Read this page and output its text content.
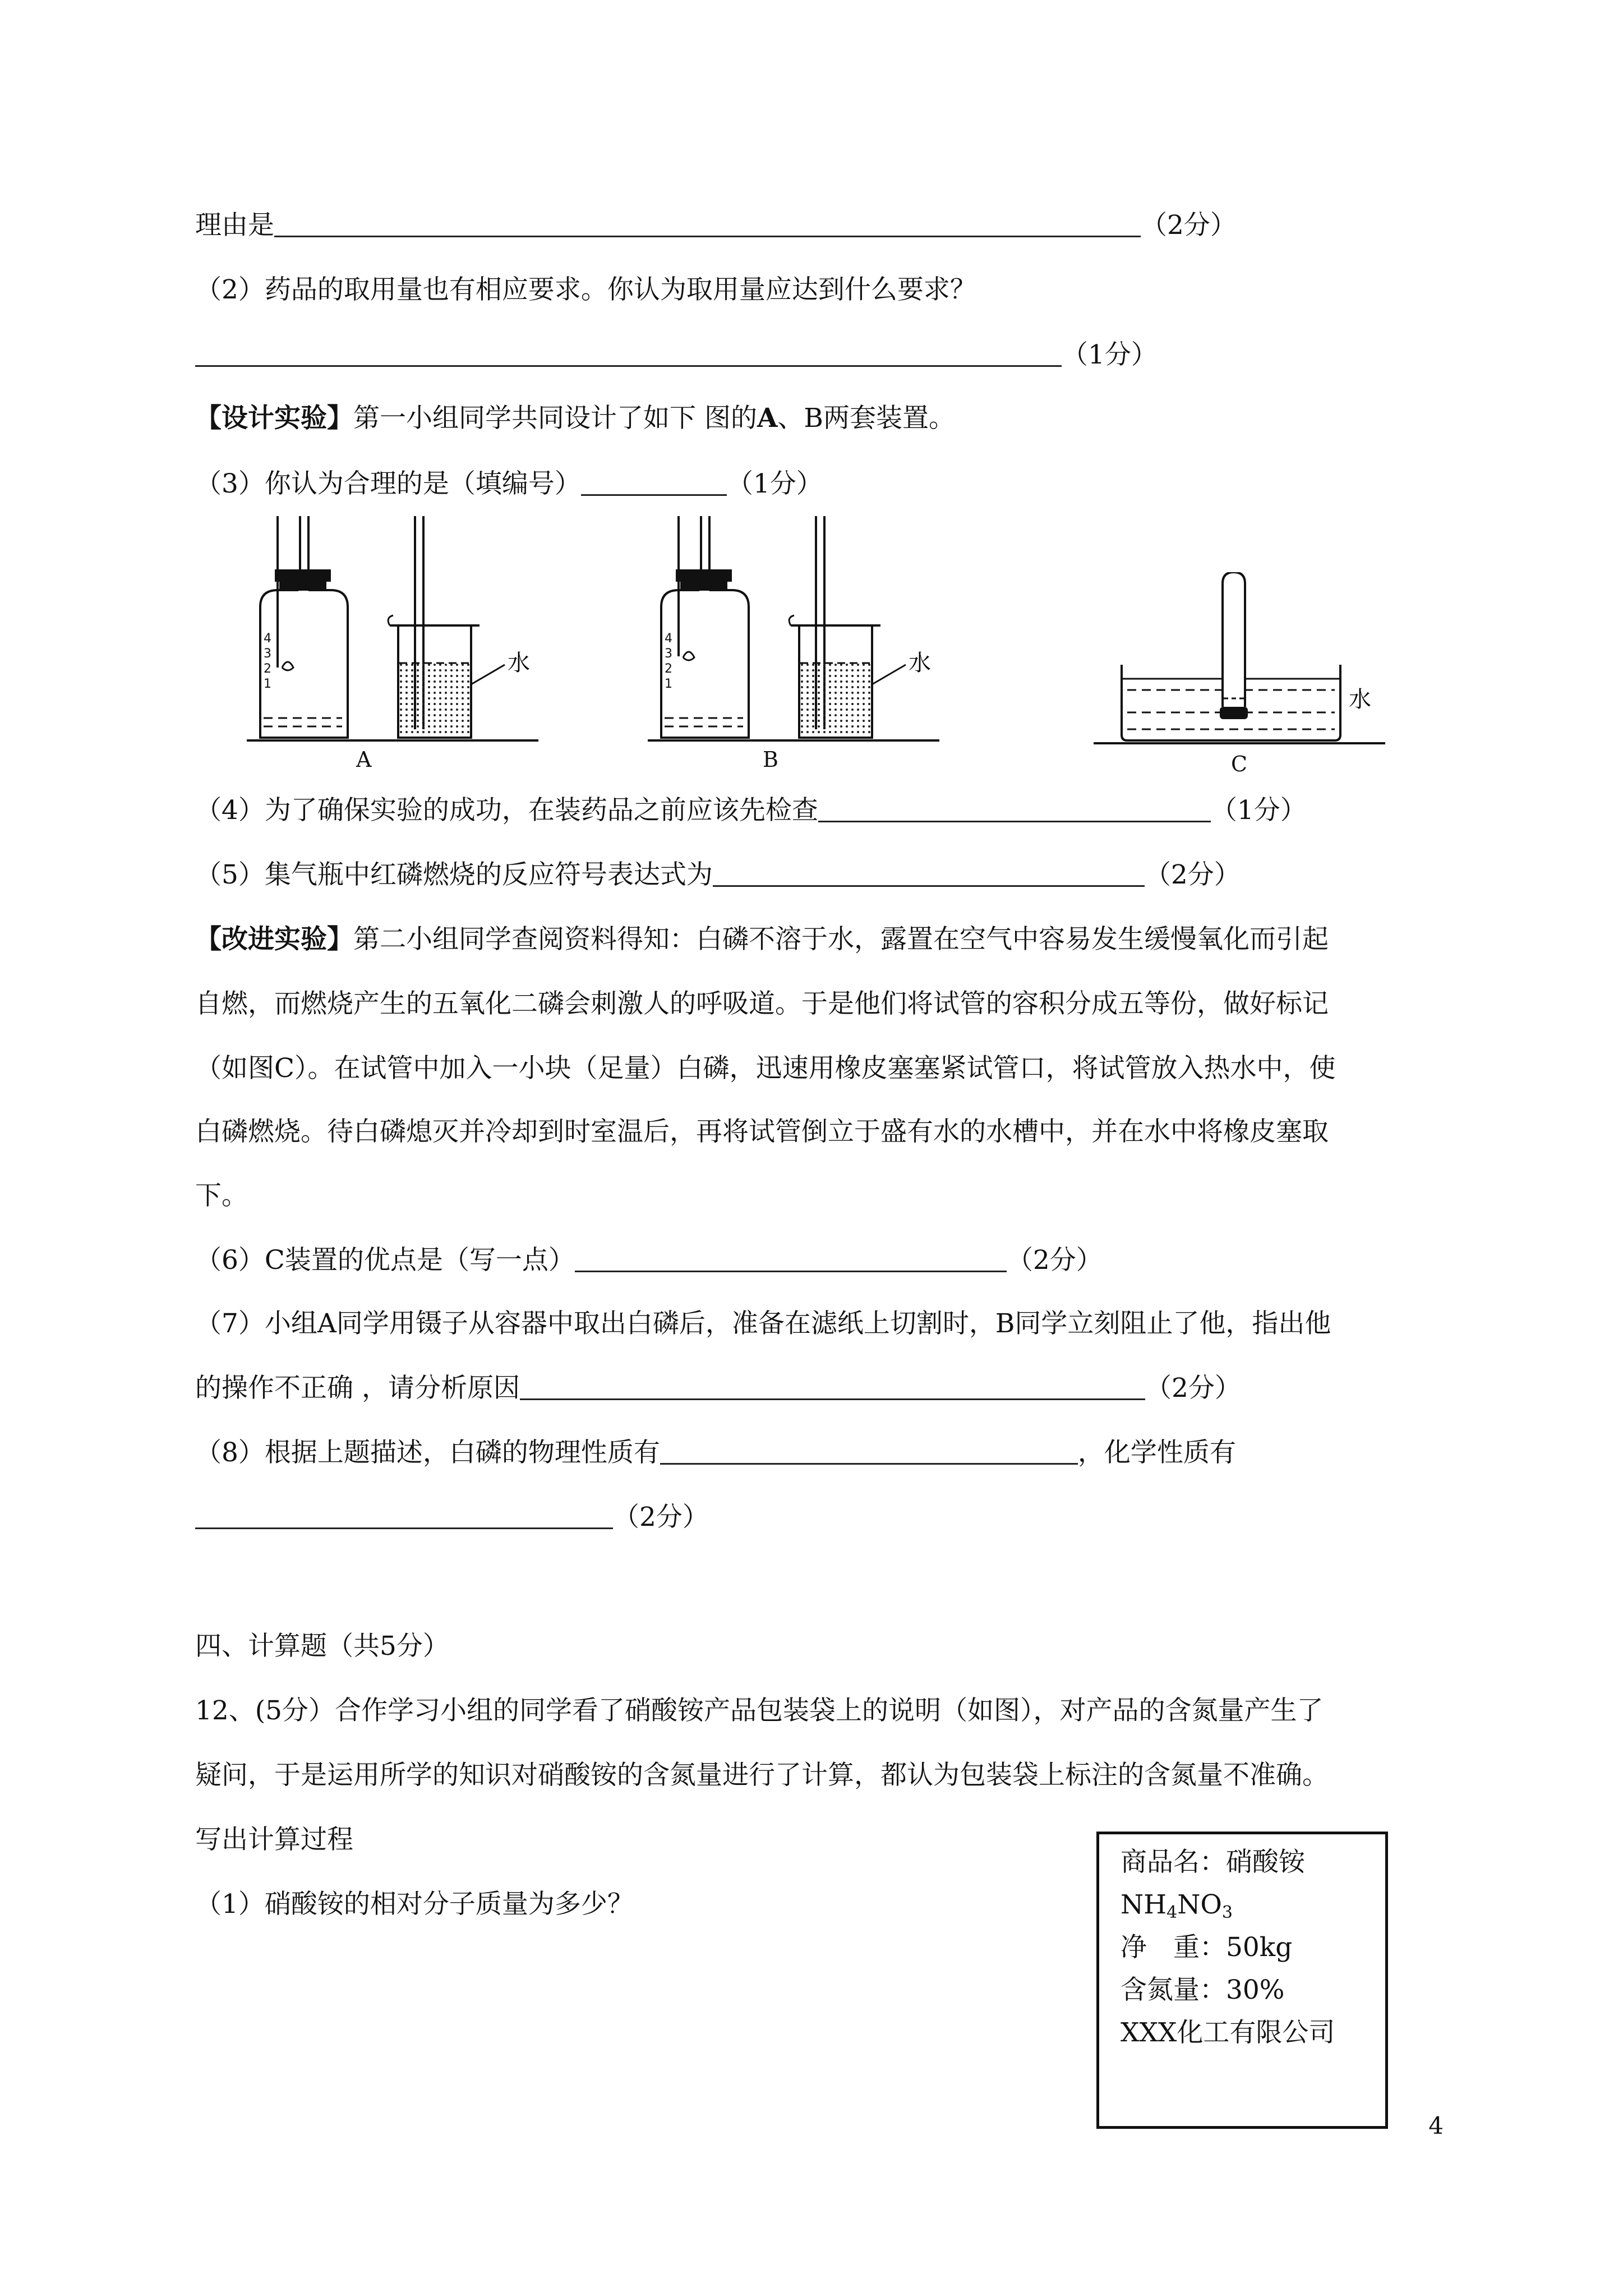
理由是	（2分）
（2）药品的取用量也有相应要求。你认为取用量应达到什么要求？
（1分）
【设计实验】第一小组同学共同设计了如下 图的A、B两套装置。
（3）你认为合理的是（填编号）	（1分）
4
3
2
1
水
A
4
3
2
1
水
B
水
C
（4）为了确保实验的成功，在装药品之前应该先检查	（1分）
（5）集气瓶中红磷燃烧的反应符号表达式为	（2分）
【改进实验】第二小组同学查阅资料得知：白磷不溶于水，露置在空气中容易发生缓慢氧化而引起
自燃，而燃烧产生的五氧化二磷会刺激人的呼吸道。于是他们将试管的容积分成五等份，做好标记
（如图C）。在试管中加入一小块（足量）白磷，迅速用橡皮塞塞紧试管口，将试管放入热水中，使
白磷燃烧。待白磷熄灭并冷却到时室温后，再将试管倒立于盛有水的水槽中，并在水中将橡皮塞取
下。
（6）C装置的优点是（写一点）	（2分）
（7）小组A同学用镊子从容器中取出白磷后，准备在滤纸上切割时，B同学立刻阻止了他，指出他
的操作不正确 ，请分析原因	（2分）
（8）根据上题描述，白磷的物理性质有	，化学性质有
（2分）
四、计算题（共5分）
12、(5分）合作学习小组的同学看了硝酸铵产品包装袋上的说明（如图），对产品的含氮量产生了
疑问，于是运用所学的知识对硝酸铵的含氮量进行了计算，都认为包装袋上标注的含氮量不准确。
写出计算过程
（1）硝酸铵的相对分子质量为多少？
商品名：硝酸铵
$NH_4NO_3$
净　重：50kg
含氮量：30%
XXX化工有限公司
4
